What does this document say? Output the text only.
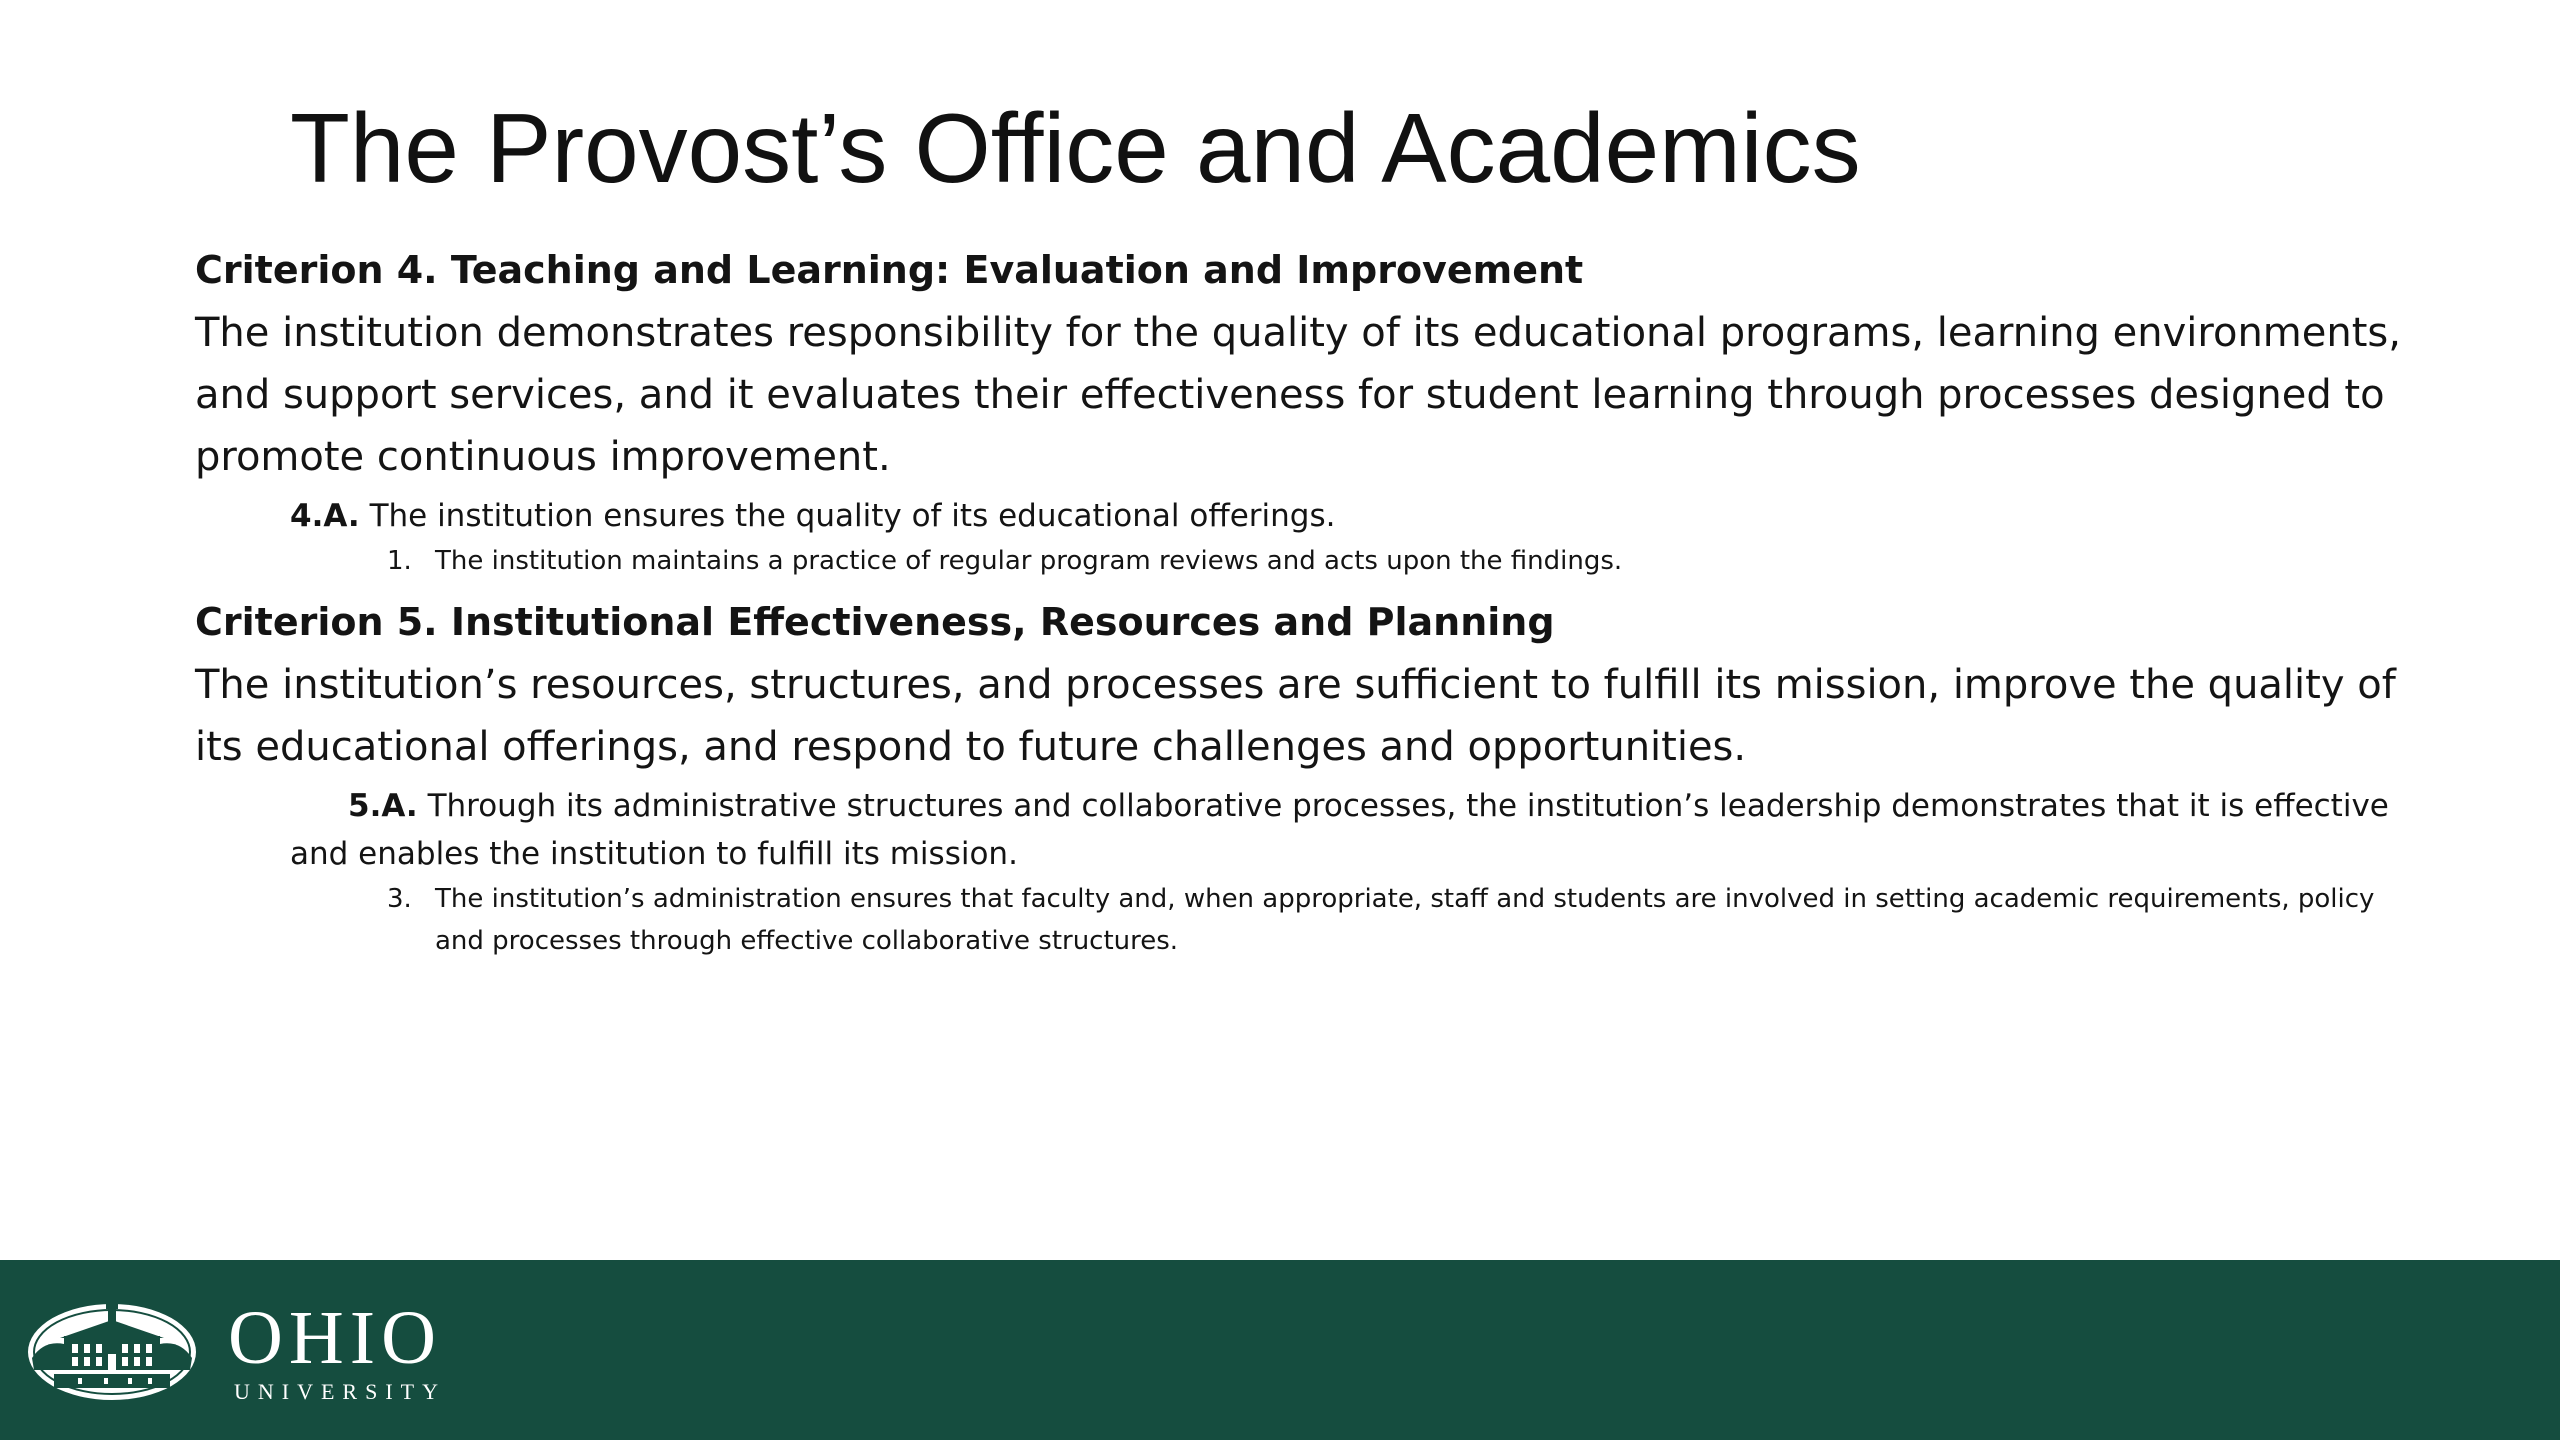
The Provost’s Office and Academics

Criterion 4. Teaching and Learning: Evaluation and Improvement

The institution demonstrates responsibility for the quality of its educational programs, learning environments, and support services, and it evaluates their effectiveness for student learning through processes designed to promote continuous improvement.

4.A. The institution ensures the quality of its educational offerings.

1. The institution maintains a practice of regular program reviews and acts upon the findings.

Criterion 5. Institutional Effectiveness, Resources and Planning

The institution’s resources, structures, and processes are sufficient to fulfill its mission, improve the quality of its educational offerings, and respond to future challenges and opportunities.

5.A. Through its administrative structures and collaborative processes, the institution’s leadership demonstrates that it is effective and enables the institution to fulfill its mission.

3. The institution’s administration ensures that faculty and, when appropriate, staff and students are involved in setting academic requirements, policy and processes through effective collaborative structures.
OHIO
UNIVERSITY
